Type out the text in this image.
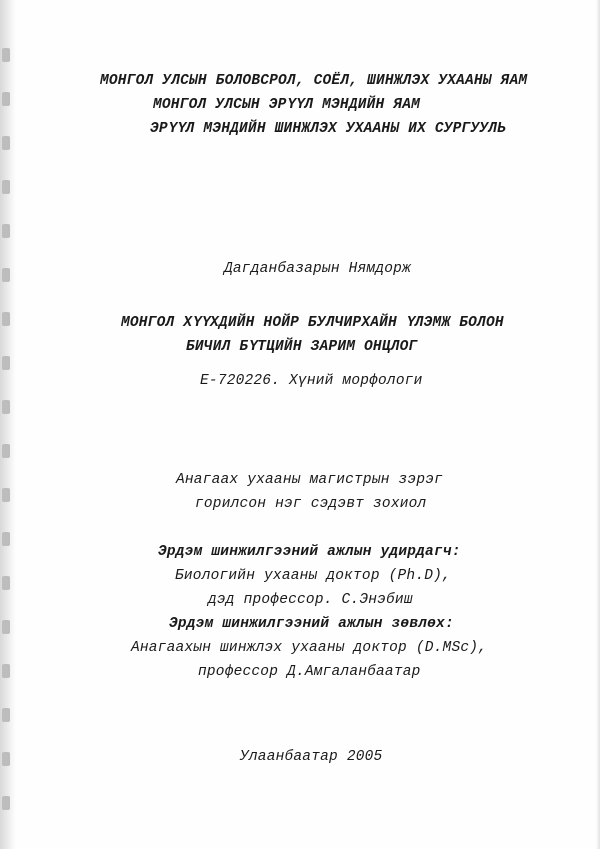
МОНГОЛ УЛСЫН БОЛОВСРОЛ, СОЁЛ, ШИНЖЛЭХ УХААНЫ ЯАМ
МОНГОЛ УЛСЫН ЭРҮҮЛ МЭНДИЙН ЯАМ
ЭРҮҮЛ МЭНДИЙН ШИНЖЛЭХ УХААНЫ ИХ СУРГУУЛЬ
Дагданбазарын Нямдорж
МОНГОЛ ХҮҮХДИЙН НОЙР БУЛЧИРХАЙН ҮЛЭМЖ БОЛОН
БИЧИЛ БҮТЦИЙН ЗАРИМ ОНЦЛОГ
Е-720226. Хүний морфологи
Анагаах ухааны магистрын зэрэг
горилсон нэг сэдэвт зохиол
Эрдэм шинжилгээний ажлын удирдагч:
Биологийн ухааны доктор (Ph.D),
дэд профессор. С.Энэбиш
Эрдэм шинжилгээний ажлын зөвлөх:
Анагаахын шинжлэх ухааны доктор (D.MSc),
профессор Д.Амгаланбаатар
Улаанбаатар 2005
